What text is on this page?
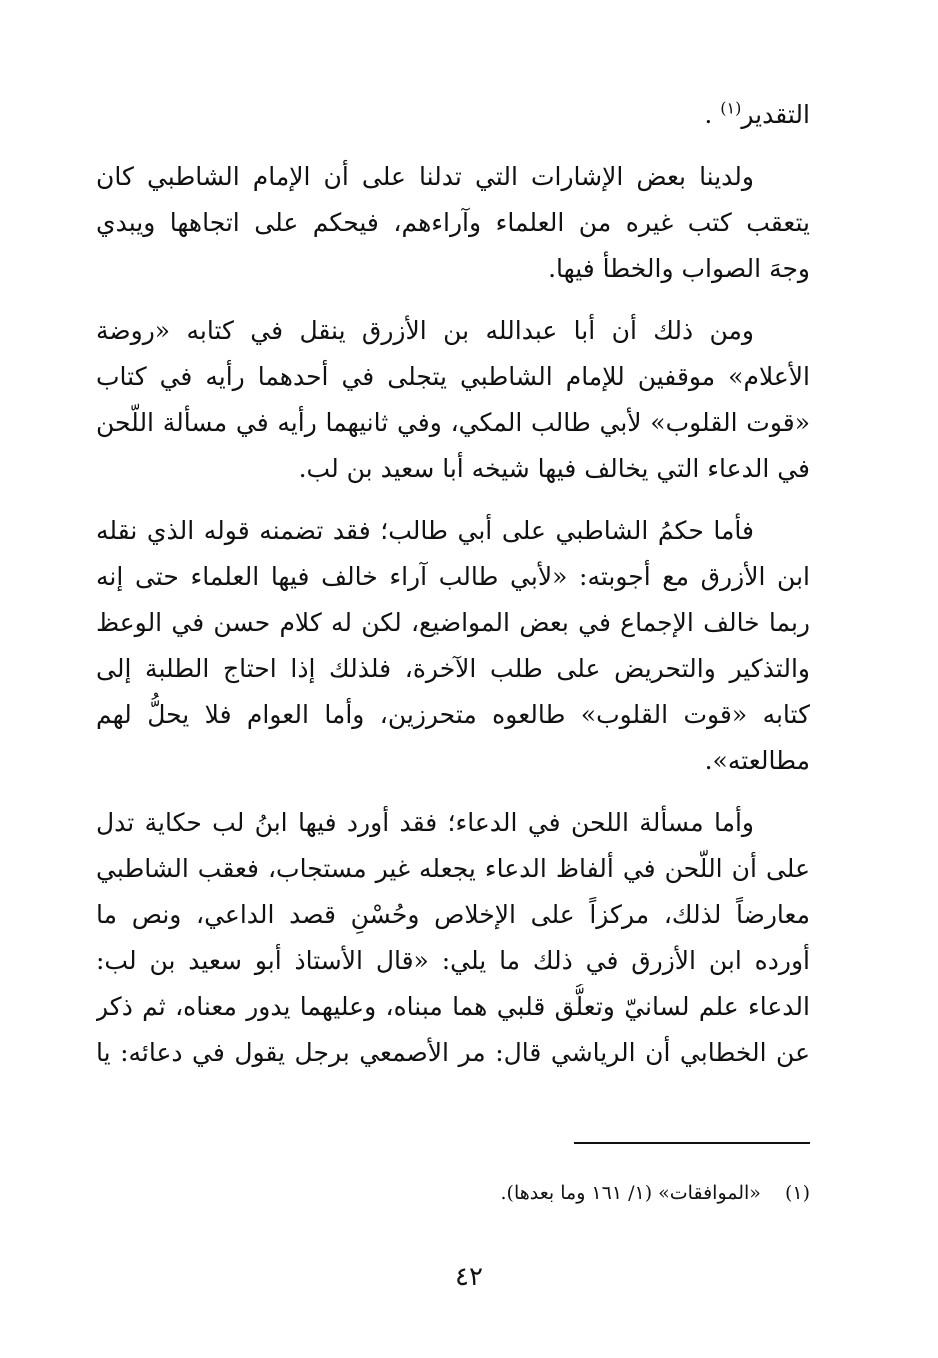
التقدير$^{(١)}$ .
ولدينا بعض الإشارات التي تدلنا على أن الإمام الشاطبي كان
يتعقب كتب غيره من العلماء وآراءهم، فيحكم على اتجاهها ويبدي
وجهَ الصواب والخطأ فيها.
ومن ذلك أن أبا عبدالله بن الأزرق ينقل في كتابه «روضة
الأعلام» موقفين للإمام الشاطبي يتجلى في أحدهما رأيه في كتاب
«قوت القلوب» لأبي طالب المكي، وفي ثانيهما رأيه في مسألة اللّحن
في الدعاء التي يخالف فيها شيخه أبا سعيد بن لب.
فأما حكمُ الشاطبي على أبي طالب؛ فقد تضمنه قوله الذي نقله
ابن الأزرق مع أجوبته: «لأبي طالب آراء خالف فيها العلماء حتى إنه
ربما خالف الإجماع في بعض المواضيع، لكن له كلام حسن في الوعظ
والتذكير والتحريض على طلب الآخرة، فلذلك إذا احتاج الطلبة إلى
كتابه «قوت القلوب» طالعوه متحرزين، وأما العوام فلا يحلُّ لهم
مطالعته».
وأما مسألة اللحن في الدعاء؛ فقد أورد فيها ابنُ لب حكاية تدل
على أن اللّحن في ألفاظ الدعاء يجعله غير مستجاب، فعقب الشاطبي
معارضاً لذلك، مركزاً على الإخلاص وحُسْنِ قصد الداعي، ونص ما
أورده ابن الأزرق في ذلك ما يلي: «قال الأستاذ أبو سعيد بن لب:
الدعاء علم لسانيّ وتعلُّق قلبي هما مبناه، وعليهما يدور معناه، ثم ذكر
عن الخطابي أن الرياشي قال: مر الأصمعي برجل يقول في دعائه: يا
(١)«الموافقات» (١/ ١٦١ وما بعدها).
٤٢
